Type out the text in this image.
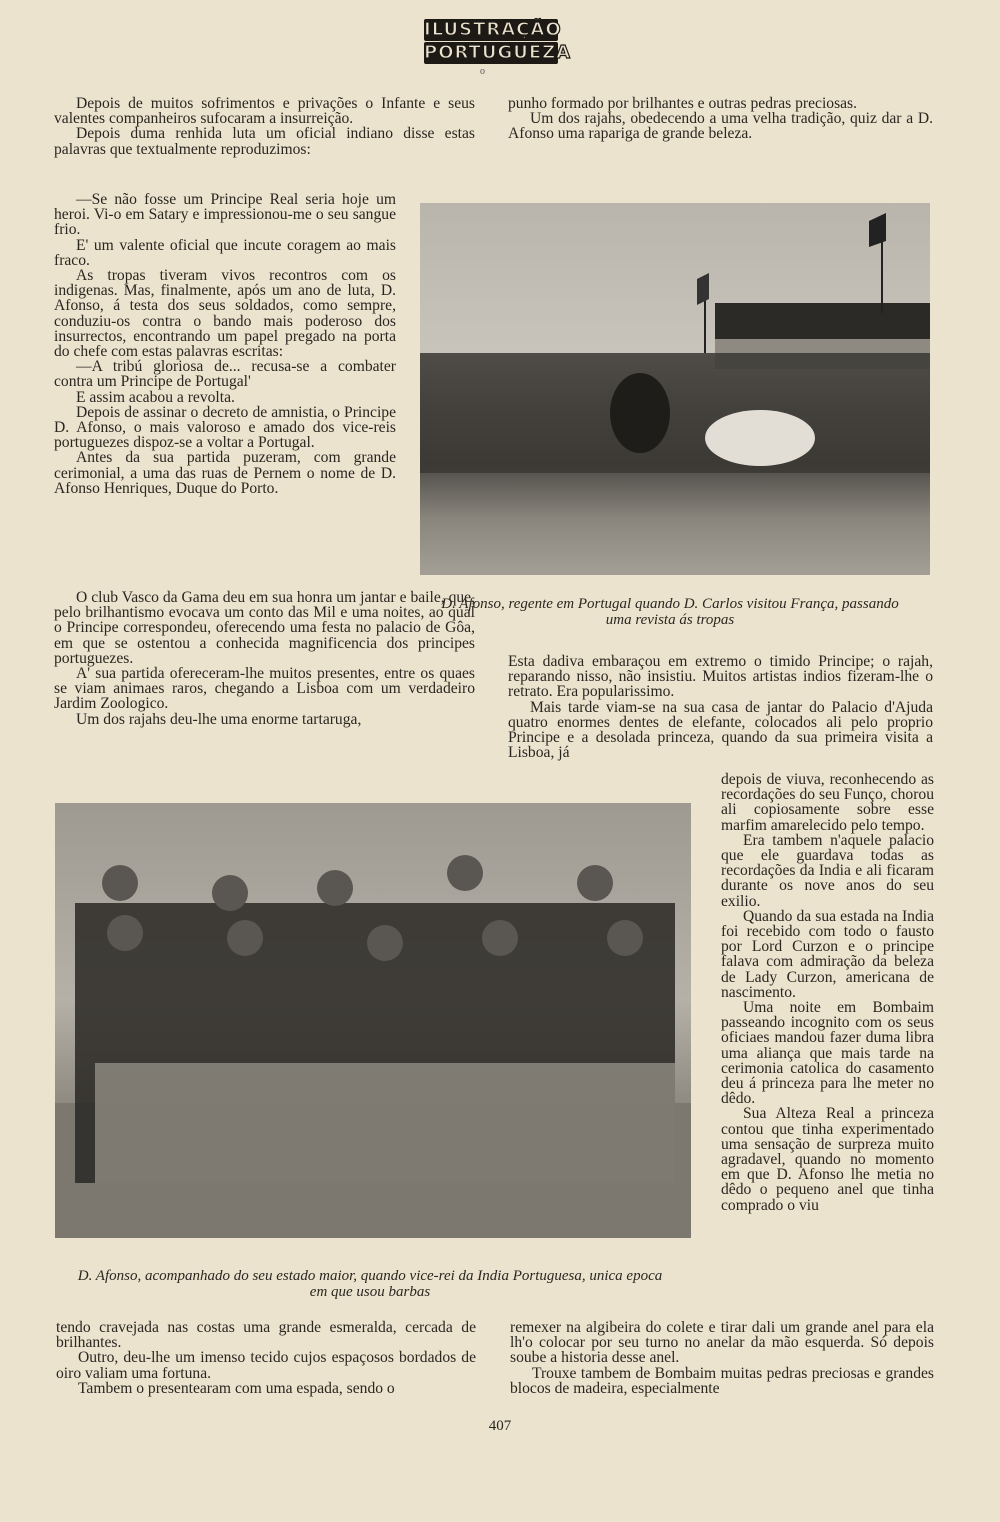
ILUSTRAÇÃO
PORTUGUEZA
o

Depois de muitos sofrimentos e privações o Infante e seus valentes companheiros sufocaram a insurreição.

Depois duma renhida luta um oficial indiano disse estas palavras que textualmente reproduzimos:

—Se não fosse um Principe Real seria hoje um heroi. Vi-o em Satary e impressionou-me o seu sangue frio.

E' um valente oficial que incute coragem ao mais fraco.

As tropas tiveram vivos recontros com os indigenas. Mas, finalmente, após um ano de luta, D. Afonso, á testa dos seus soldados, como sempre, conduziu-os contra o bando mais poderoso dos insurrectos, encontrando um papel pregado na porta do chefe com estas palavras escritas:

—A tribú gloriosa de... recusa-se a combater contra um Principe de Portugal'

E assim acabou a revolta.

Depois de assinar o decreto de amnistia, o Principe D. Afonso, o mais valoroso e amado dos vice-reis portuguezes dispoz-se a voltar a Portugal.

Antes da sua partida puzeram, com grande cerimonial, a uma das ruas de Pernem o nome de D. Afonso Henriques, Duque do Porto.

O club Vasco da Gama deu em sua honra um jantar e baile, que, pelo brilhantismo evocava um conto das Mil e uma noites, ao qual o Principe correspondeu, oferecendo uma festa no palacio de Gôa, em que se ostentou a conhecida magnificencia dos principes portuguezes.

A' sua partida ofereceram-lhe muitos presentes, entre os quaes se viam animaes raros, chegando a Lisboa com um verdadeiro Jardim Zoologico.

Um dos rajahs deu-lhe uma enorme tartaruga,

punho formado por brilhantes e outras pedras preciosas.

Um dos rajahs, obedecendo a uma velha tradição, quiz dar a D. Afonso uma rapariga de grande beleza.

D. Afonso, regente em Portugal quando D. Carlos visitou França, passando uma revista ás tropas

Esta dadiva embaraçou em extremo o timido Principe; o rajah, reparando nisso, não insistiu. Muitos artistas indios fizeram-lhe o retrato. Era popularissimo.

Mais tarde viam-se na sua casa de jantar do Palacio d'Ajuda quatro enormes dentes de elefante, colocados ali pelo proprio Principe e a desolada princeza, quando da sua primeira visita a Lisboa, já

D. Afonso, acompanhado do seu estado maior, quando vice-rei da India Portuguesa, unica epoca em que usou barbas

depois de viuva, reconhecendo as recordações do seu Funço, chorou ali copiosamente sobre esse marfim amarelecido pelo tempo.

Era tambem n'aquele palacio que ele guardava todas as recordações da India e ali ficaram durante os nove anos do seu exilio.

Quando da sua estada na India foi recebido com todo o fausto por Lord Curzon e o principe falava com admiração da beleza de Lady Curzon, americana de nascimento.

Uma noite em Bombaim passeando incognito com os seus oficiaes mandou fazer duma libra uma aliança que mais tarde na cerimonia catolica do casamento deu á princeza para lhe meter no dêdo.

Sua Alteza Real a princeza contou que tinha experimentado uma sensação de surpreza muito agradavel, quando no momento em que D. Afonso lhe metia no dêdo o pequeno anel que tinha comprado o viu

tendo cravejada nas costas uma grande esmeralda, cercada de brilhantes.

Outro, deu-lhe um imenso tecido cujos espaçosos bordados de oiro valiam uma fortuna.

Tambem o presentearam com uma espada, sendo o

remexer na algibeira do colete e tirar dali um grande anel para ela lh'o colocar por seu turno no anelar da mão esquerda. Só depois soube a historia desse anel.

Trouxe tambem de Bombaim muitas pedras preciosas e grandes blocos de madeira, especialmente

407
